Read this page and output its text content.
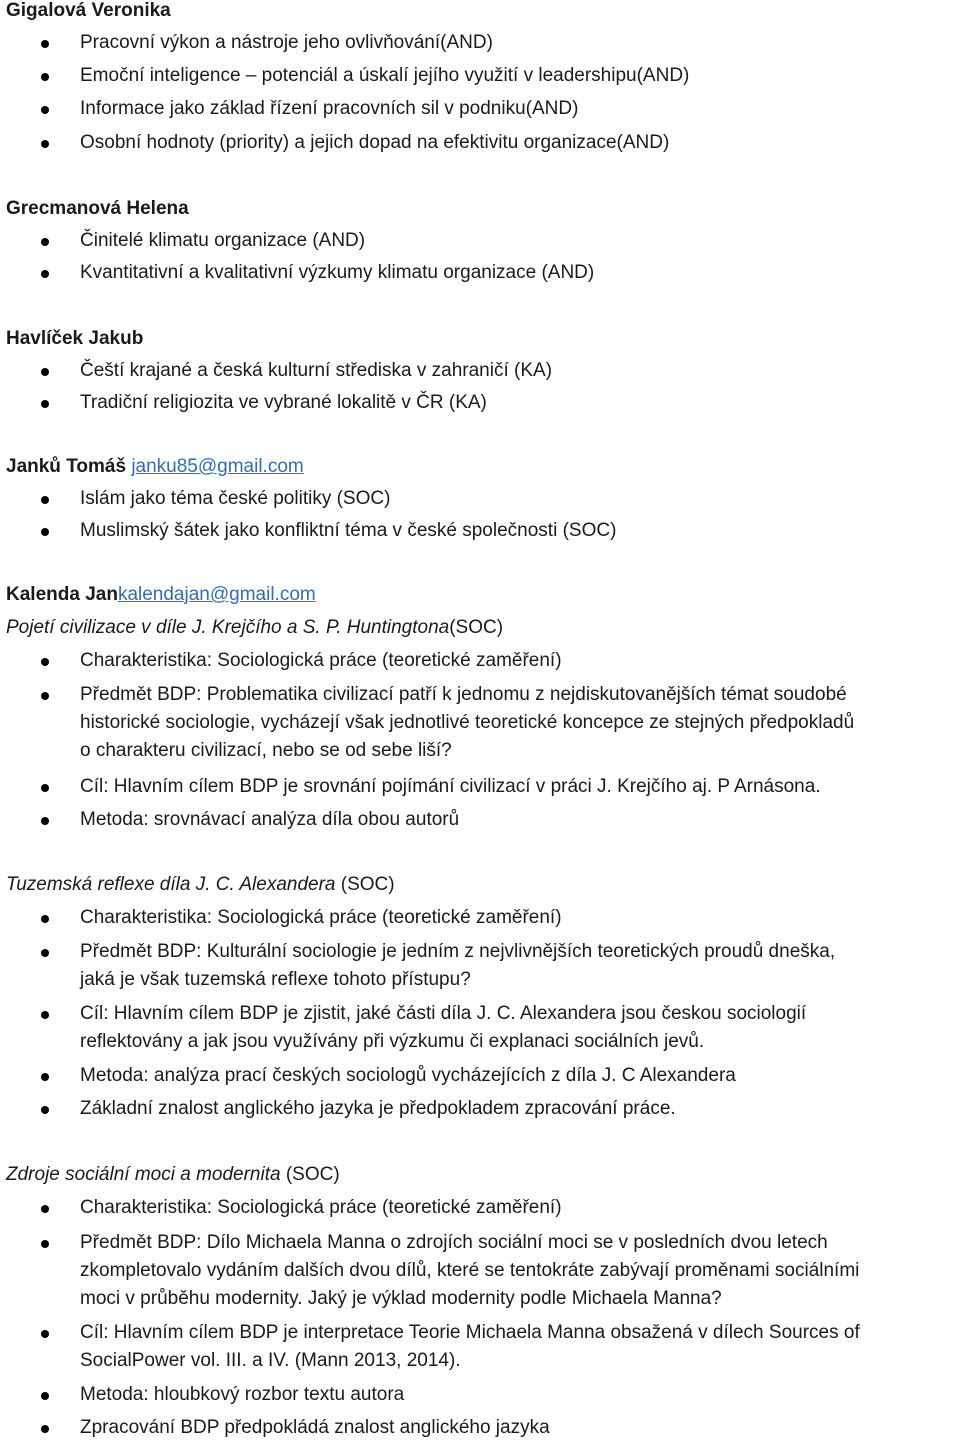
Gigalová Veronika
Pracovní výkon a nástroje jeho ovlivňování(AND)
Emoční inteligence – potenciál a úskalí jejího využití v leadershipu(AND)
Informace jako základ řízení pracovních sil v podniku(AND)
Osobní hodnoty (priority) a jejich dopad na efektivitu organizace(AND)
Grecmanová Helena
Činitelé klimatu organizace (AND)
Kvantitativní a kvalitativní výzkumy klimatu organizace (AND)
Havlíček Jakub
Čeští krajané a česká kulturní střediska v zahraničí (KA)
Tradiční religiozita ve vybrané lokalitě v ČR (KA)
Janků Tomáš janku85@gmail.com
Islám jako téma české politiky (SOC)
Muslimský šátek jako konfliktní téma v české společnosti (SOC)
Kalenda Jankalendajan@gmail.com
Pojetí civilizace v díle J. Krejčího a S. P. Huntingtona(SOC)
Charakteristika: Sociologická práce (teoretické zaměření)
Předmět BDP: Problematika civilizací patří k jednomu z nejdiskutovanějších témat soudobé
historické sociologie, vycházejí však jednotlivé teoretické koncepce ze stejných předpokladů
o charakteru civilizací, nebo se od sebe liší?
Cíl: Hlavním cílem BDP je srovnání pojímání civilizací v práci J. Krejčího aj. P Arnásona.
Metoda: srovnávací analýza díla obou autorů
Tuzemská reflexe díla J. C. Alexandera (SOC)
Charakteristika: Sociologická práce (teoretické zaměření)
Předmět BDP: Kulturální sociologie je jedním z nejvlivnějších teoretických proudů dneška,
jaká je však tuzemská reflexe tohoto přístupu?
Cíl: Hlavním cílem BDP je zjistit, jaké části díla J. C. Alexandera jsou českou sociologií
reflektovány a jak jsou využívány při výzkumu či explanaci sociálních jevů.
Metoda: analýza prací českých sociologů vycházejících z díla J. C Alexandera
Základní znalost anglického jazyka je předpokladem zpracování práce.
Zdroje sociální moci a modernita (SOC)
Charakteristika: Sociologická práce (teoretické zaměření)
Předmět BDP: Dílo Michaela Manna o zdrojích sociální moci se v posledních dvou letech
zkompletovalo vydáním dalších dvou dílů, které se tentokráte zabývají proměnami sociálními
moci v průběhu modernity. Jaký je výklad modernity podle Michaela Manna?
Cíl: Hlavním cílem BDP je interpretace Teorie Michaela Manna obsažená v dílech Sources of
SocialPower vol. III. a IV. (Mann 2013, 2014).
Metoda: hloubkový rozbor textu autora
Zpracování BDP předpokládá znalost anglického jazyka
